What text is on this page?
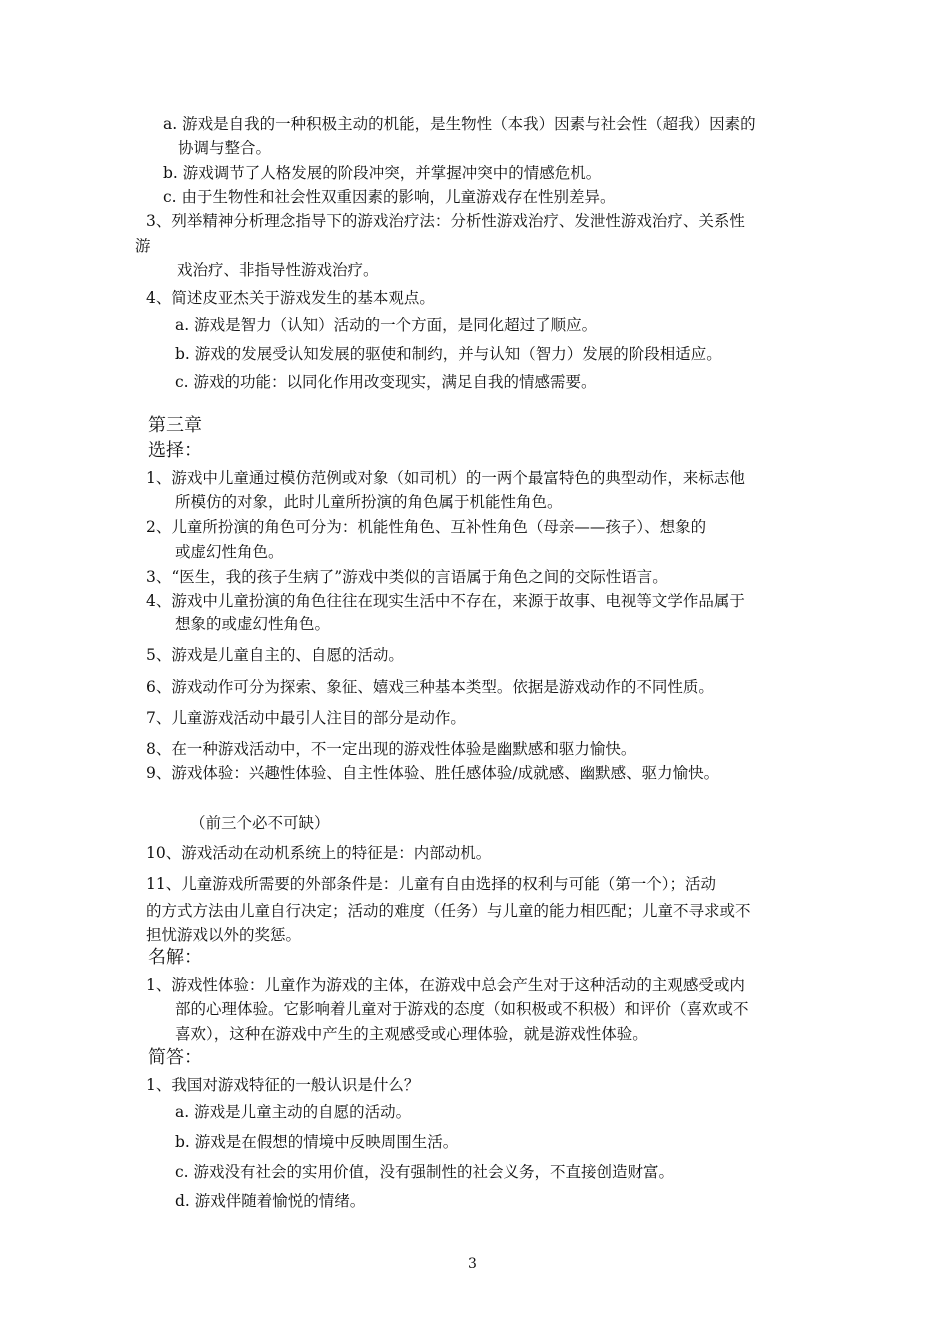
a. 游戏是自我的一种积极主动的机能，是生物性（本我）因素与社会性（超我）因素的
协调与整合。
b. 游戏调节了人格发展的阶段冲突，并掌握冲突中的情感危机。
c. 由于生物性和社会性双重因素的影响，儿童游戏存在性别差异。
3、列举精神分析理念指导下的游戏治疗法：分析性游戏治疗、发泄性游戏治疗、关系性
游
戏治疗、非指导性游戏治疗。
4、简述皮亚杰关于游戏发生的基本观点。
a. 游戏是智力（认知）活动的一个方面，是同化超过了顺应。
b. 游戏的发展受认知发展的驱使和制约，并与认知（智力）发展的阶段相适应。
c. 游戏的功能：以同化作用改变现实，满足自我的情感需要。
第三章
选择：
1、游戏中儿童通过模仿范例或对象（如司机）的一两个最富特色的典型动作，来标志他
所模仿的对象，此时儿童所扮演的角色属于机能性角色。
2、儿童所扮演的角色可分为：机能性角色、互补性角色（母亲——孩子）、想象的
或虚幻性角色。
3、“医生，我的孩子生病了”游戏中类似的言语属于角色之间的交际性语言。
4、游戏中儿童扮演的角色往往在现实生活中不存在，来源于故事、电视等文学作品属于
想象的或虚幻性角色。
5、游戏是儿童自主的、自愿的活动。
6、游戏动作可分为探索、象征、嬉戏三种基本类型。依据是游戏动作的不同性质。
7、儿童游戏活动中最引人注目的部分是动作。
8、在一种游戏活动中，不一定出现的游戏性体验是幽默感和驱力愉快。
9、游戏体验：兴趣性体验、自主性体验、胜任感体验/成就感、幽默感、驱力愉快。
（前三个必不可缺）
10、游戏活动在动机系统上的特征是：内部动机。
11、儿童游戏所需要的外部条件是：儿童有自由选择的权利与可能（第一个）；活动
的方式方法由儿童自行决定；活动的难度（任务）与儿童的能力相匹配；儿童不寻求或不
担忧游戏以外的奖惩。
名解：
1、游戏性体验：儿童作为游戏的主体，在游戏中总会产生对于这种活动的主观感受或内
部的心理体验。它影响着儿童对于游戏的态度（如积极或不积极）和评价（喜欢或不
喜欢），这种在游戏中产生的主观感受或心理体验，就是游戏性体验。
简答：
1、我国对游戏特征的一般认识是什么？
a. 游戏是儿童主动的自愿的活动。
b. 游戏是在假想的情境中反映周围生活。
c. 游戏没有社会的实用价值，没有强制性的社会义务，不直接创造财富。
d. 游戏伴随着愉悦的情绪。
3
